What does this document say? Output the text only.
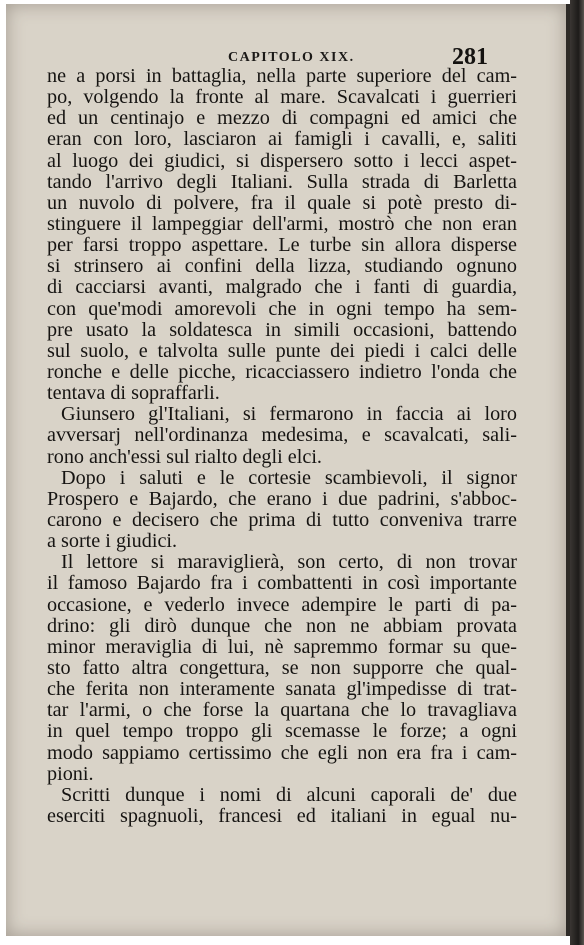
CAPITOLO XIX.	281
ne a porsi in battaglia, nella parte superiore del cam-
po, volgendo la fronte al mare. Scavalcati i guerrieri
ed un centinajo e mezzo di compagni ed amici che
eran con loro, lasciaron ai famigli i cavalli, e, saliti
al luogo dei giudici, si dispersero sotto i lecci aspet-
tando l'arrivo degli Italiani. Sulla strada di Barletta
un nuvolo di polvere, fra il quale si potè presto di-
stinguere il lampeggiar dell'armi, mostrò che non eran
per farsi troppo aspettare. Le turbe sin allora disperse
si strinsero ai confini della lizza, studiando ognuno
di cacciarsi avanti, malgrado che i fanti di guardia,
con que'modi amorevoli che in ogni tempo ha sem-
pre usato la soldatesca in simili occasioni, battendo
sul suolo, e talvolta sulle punte dei piedi i calci delle
ronche e delle picche, ricacciassero indietro l'onda che
tentava di sopraffarli.
Giunsero gl'Italiani, si fermarono in faccia ai loro
avversarj nell'ordinanza medesima, e scavalcati, sali-
rono anch'essi sul rialto degli elci.
Dopo i saluti e le cortesie scambievoli, il signor
Prospero e Bajardo, che erano i due padrini, s'abboc-
carono e decisero che prima di tutto conveniva trarre
a sorte i giudici.
Il lettore si maraviglierà, son certo, di non trovar
il famoso Bajardo fra i combattenti in così importante
occasione, e vederlo invece adempire le parti di pa-
drino: gli dirò dunque che non ne abbiam provata
minor meraviglia di lui, nè sapremmo formar su que-
sto fatto altra congettura, se non supporre che qual-
che ferita non interamente sanata gl'impedisse di trat-
tar l'armi, o che forse la quartana che lo travagliava
in quel tempo troppo gli scemasse le forze; a ogni
modo sappiamo certissimo che egli non era fra i cam-
pioni.
Scritti dunque i nomi di alcuni caporali de' due
eserciti spagnuoli, francesi ed italiani in egual nu-
